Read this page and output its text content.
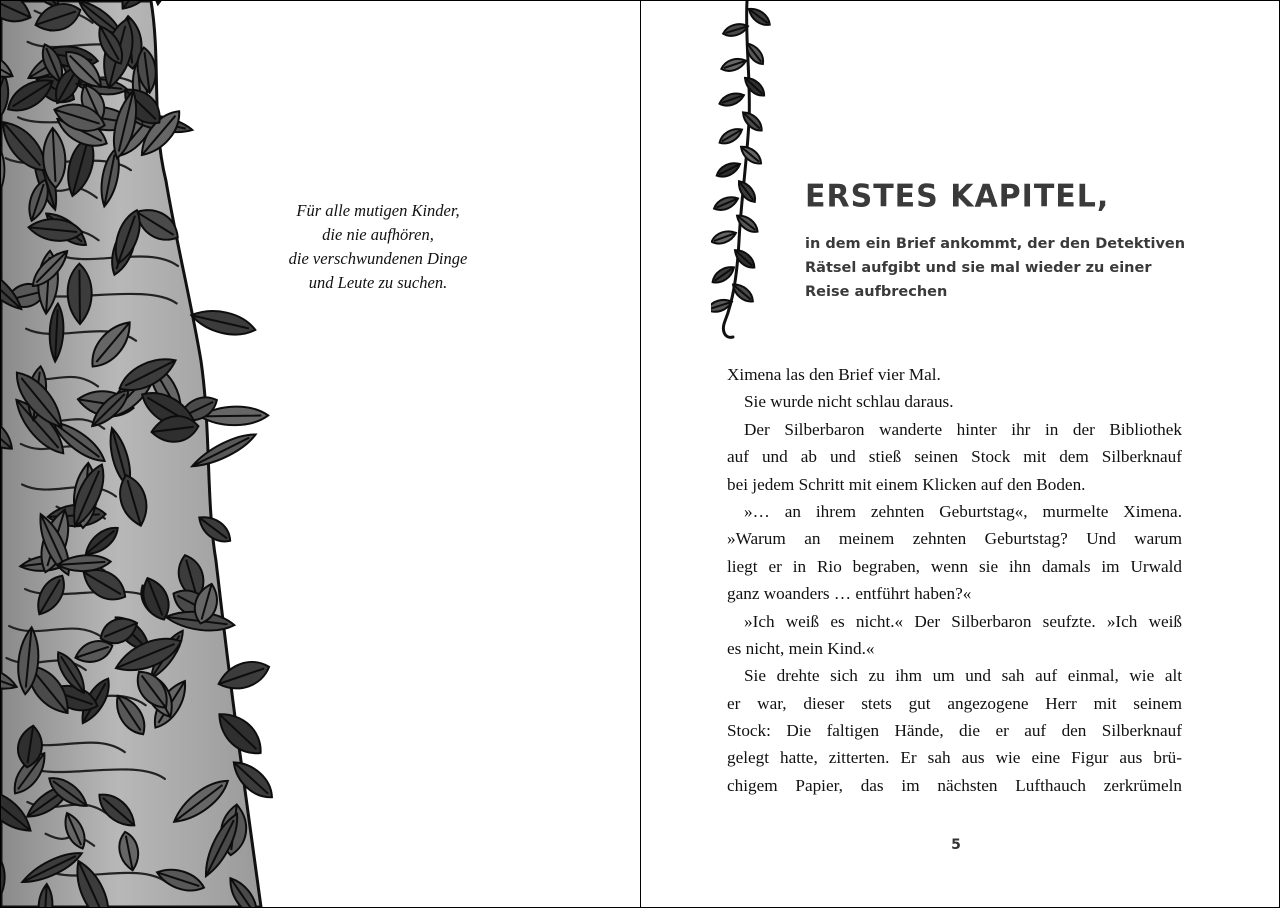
Für alle mutigen Kinder,
die nie aufhören,
die verschwundenen Dinge
und Leute zu suchen.
ERSTES KAPITEL,
in dem ein Brief ankommt, der den Detektiven
Rätsel aufgibt und sie mal wieder zu einer
Reise aufbrechen
Ximena las den Brief vier Mal.
Sie wurde nicht schlau daraus.
Der Silberbaron wanderte hinter ihr in der Bibliothek
auf und ab und stieß seinen Stock mit dem Silberknauf
bei jedem Schritt mit einem Klicken auf den Boden.
»… an ihrem zehnten Geburtstag«, murmelte Ximena.
»Warum an meinem zehnten Geburtstag? Und warum
liegt er in Rio begraben, wenn sie ihn damals im Urwald
ganz woanders … entführt haben?«
»Ich weiß es nicht.« Der Silberbaron seufzte. »Ich weiß
es nicht, mein Kind.«
Sie drehte sich zu ihm um und sah auf einmal, wie alt
er war, dieser stets gut angezogene Herr mit seinem
Stock: Die faltigen Hände, die er auf den Silberknauf
gelegt hatte, zitterten. Er sah aus wie eine Figur aus brü-
chigem Papier, das im nächsten Lufthauch zerkrümeln
5
